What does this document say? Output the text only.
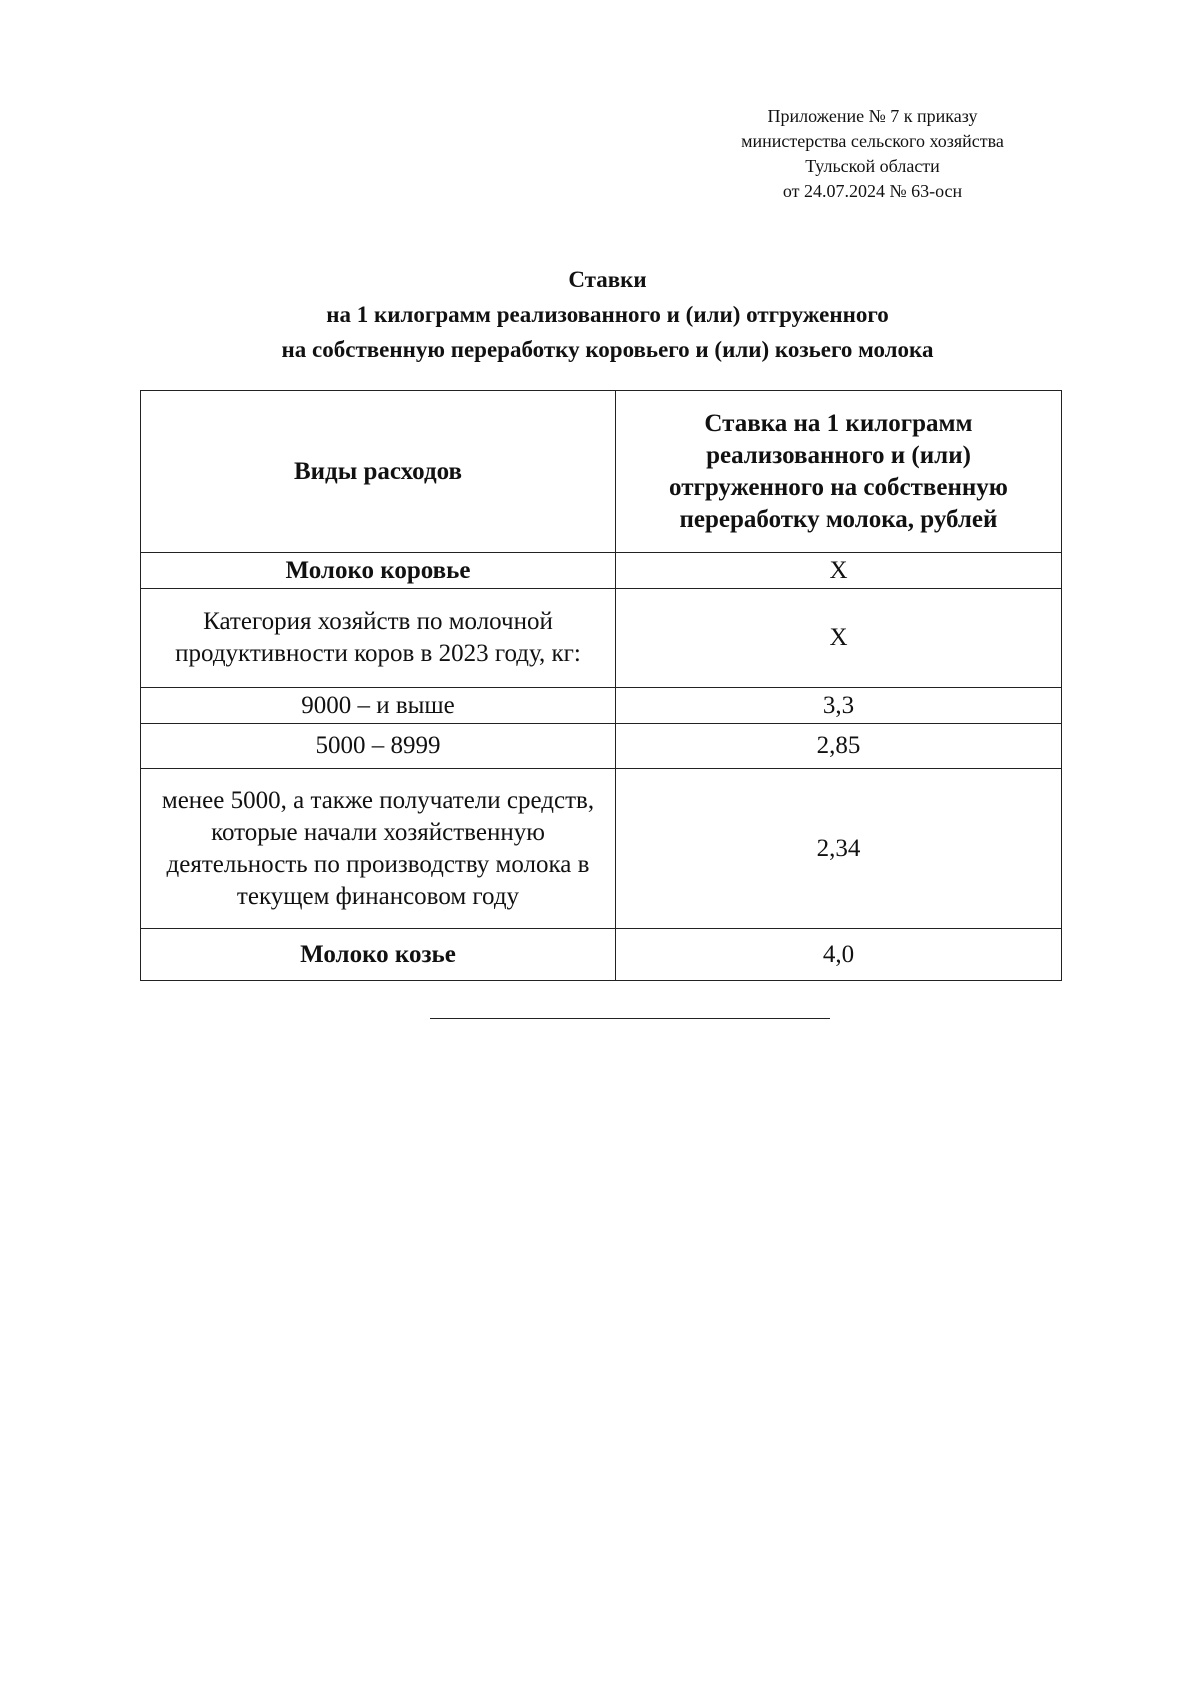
Приложение № 7 к приказу
министерства сельского хозяйства
Тульской области
от 24.07.2024 № 63-осн
Ставки
на 1 килограмм реализованного и (или) отгруженного
на собственную переработку коровьего и (или) козьего молока
Виды расходов	Ставка на 1 килограмм реализованного и (или) отгруженного на собственную переработку молока, рублей
Молоко коровье	Х
Категория хозяйств по молочной продуктивности коров в 2023 году, кг:	Х
9000 – и выше	3,3
5000 – 8999	2,85
менее 5000, а также получатели средств, которые начали хозяйственную деятельность по производству молока в текущем финансовом году	2,34
Молоко козье	4,0
